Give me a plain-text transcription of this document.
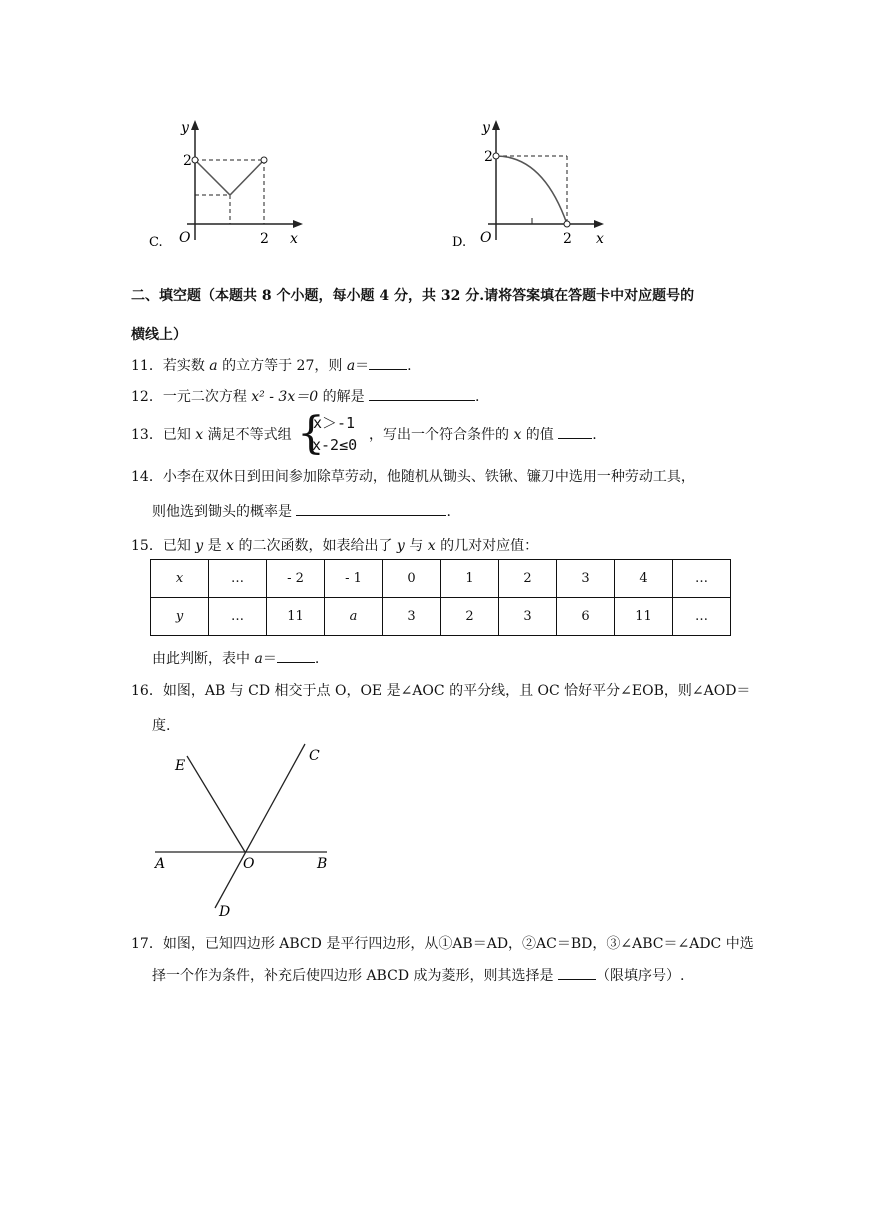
y
2
O	2 x
C.
y
2
O	2 x
D.
二、填空题（本题共 8 个小题，每小题 4 分，共 32 分.请将答案填在答题卡中对应题号的
横线上）
11．若实数 a 的立方等于 27，则 a＝	.
12．一元二次方程 x² - 3x＝0 的解是	.
13．已知 x 满足不等式组 {
x＞-1
x-2≤0
，写出一个符合条件的 x 的值 .
14．小李在双休日到田间参加除草劳动，他随机从锄头、铁锹、镰刀中选用一种劳动工具，
则他选到锄头的概率是	.
15．已知 y 是 x 的二次函数，如表给出了 y 与 x 的几对对应值：
x	…	- 2	- 1	0	1	2	3	4	…
y	…	11	a	3	2	3	6	11	…
由此判断，表中 a＝	.
16．如图，AB 与 CD 相交于点 O，OE 是∠AOC 的平分线，且 OC 恰好平分∠EOB，则∠AOD＝
度.
E
C
A	O	B
D
17．如图，已知四边形 ABCD 是平行四边形，从①AB＝AD，②AC＝BD，③∠ABC＝∠ADC 中选
择一个作为条件，补充后使四边形 ABCD 成为菱形，则其选择是	（限填序号）.
